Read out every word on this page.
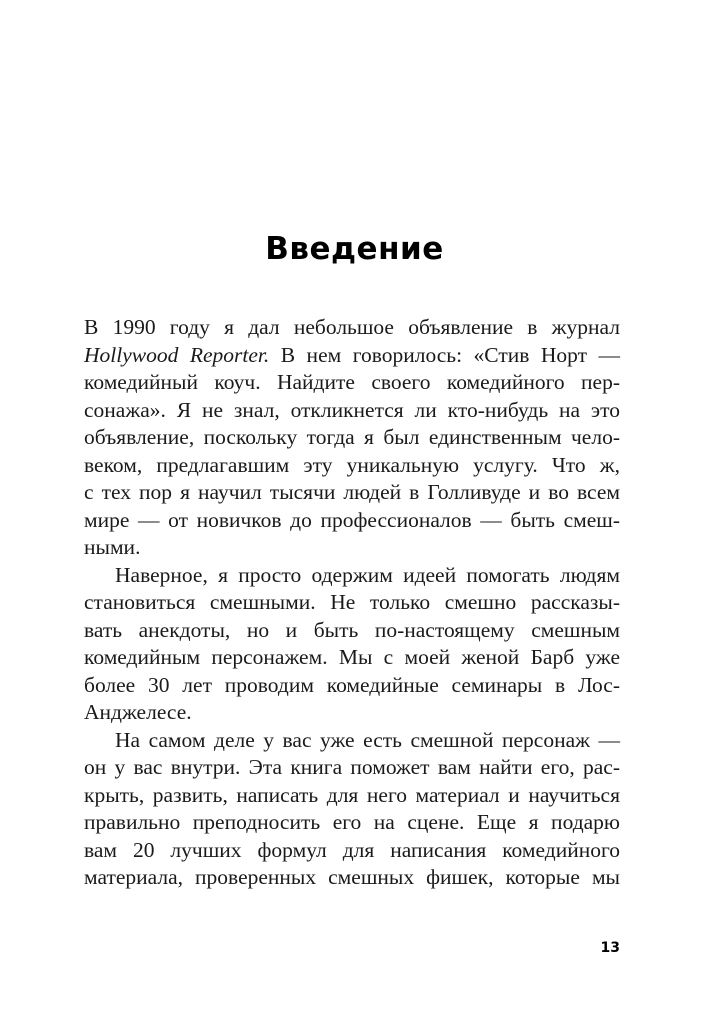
Введение
В 1990 году я дал небольшое объявление в журнал
Hollywood Reporter. В нем говорилось: «Стив Норт —
комедийный коуч. Найдите своего комедийного пер-
сонажа». Я не знал, откликнется ли кто-нибудь на это
объявление, поскольку тогда я был единственным чело-
веком, предлагавшим эту уникальную услугу. Что ж,
с тех пор я научил тысячи людей в Голливуде и во всем
мире — от новичков до профессионалов — быть смеш-
ными.
Наверное, я просто одержим идеей помогать людям
становиться смешными. Не только смешно рассказы-
вать анекдоты, но и быть по-настоящему смешным
комедийным персонажем. Мы с моей женой Барб уже
более 30 лет проводим комедийные семинары в Лос-
Анджелесе.
На самом деле у вас уже есть смешной персонаж —
он у вас внутри. Эта книга поможет вам найти его, рас-
крыть, развить, написать для него материал и научиться
правильно преподносить его на сцене. Еще я подарю
вам 20 лучших формул для написания комедийного
материала, проверенных смешных фишек, которые мы
13
